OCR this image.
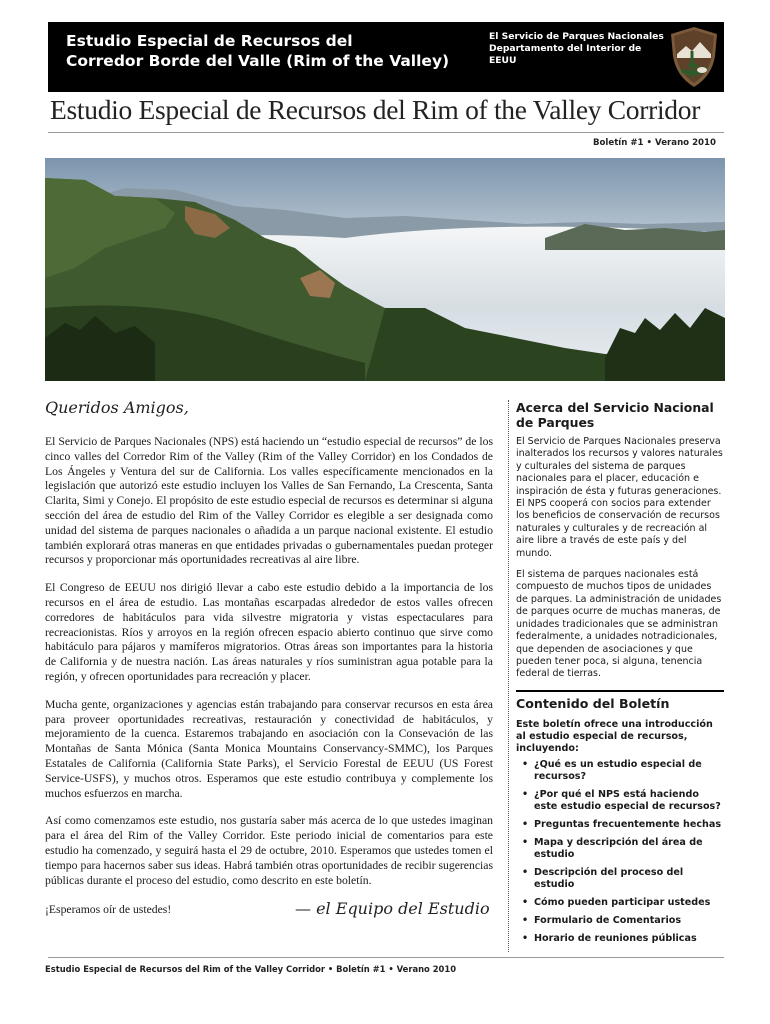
Estudio Especial de Recursos del
Corredor Borde del Valle (Rim of the Valley)
El Servicio de Parques Nacionales
Departamento del Interior de EEUU
Estudio Especial de Recursos del Rim of the Valley Corridor
Boletín #1 • Verano 2010
Queridos Amigos,

El Servicio de Parques Nacionales (NPS) está haciendo un “estudio especial de recursos” de los cinco valles del Corredor Rim of the Valley (Rim of the Valley Corridor) en los Condados de Los Ángeles y Ventura del sur de California. Los valles específicamente mencionados en la legislación que autorizó este estudio incluyen los Valles de San Fernando, La Crescenta, Santa Clarita, Simi y Conejo. El propósito de este estudio especial de recursos es determinar si alguna sección del área de estudio del Rim of the Valley Corridor es elegible a ser designada como unidad del sistema de parques nacionales o añadida a un parque nacional existente. El estudio también explorará otras maneras en que entidades privadas o gubernamentales puedan proteger recursos y proporcionar más oportunidades recreativas al aire libre.

El Congreso de EEUU nos dirigió llevar a cabo este estudio debido a la importancia de los recursos en el área de estudio. Las montañas escarpadas alrededor de estos valles ofrecen corredores de habitáculos para vida silvestre migratoria y vistas espectaculares para recreacionistas. Ríos y arroyos en la región ofrecen espacio abierto continuo que sirve como habitáculo para pájaros y mamíferos migratorios. Otras áreas son importantes para la historia de California y de nuestra nación. Las áreas naturales y ríos suministran agua potable para la región, y ofrecen oportunidades para recreación y placer.

Mucha gente, organizaciones y agencias están trabajando para conservar recursos en esta área para proveer oportunidades recreativas, restauración y conectividad de habitáculos, y mejoramiento de la cuenca. Estaremos trabajando en asociación con la Consevación de las Montañas de Santa Mónica (Santa Monica Mountains Conservancy-SMMC), los Parques Estatales de California (California State Parks), el Servicio Forestal de EEUU (US Forest Service-USFS), y muchos otros. Esperamos que este estudio contribuya y complemente los muchos esfuerzos en marcha.

Así como comenzamos este estudio, nos gustaría saber más acerca de lo que ustedes imaginan para el área del Rim of the Valley Corridor. Este periodo inicial de comentarios para este estudio ha comenzado, y seguirá hasta el 29 de octubre, 2010. Esperamos que ustedes tomen el tiempo para hacernos saber sus ideas. Habrá también otras oportunidades de recibir sugerencias públicas durante el proceso del estudio, como descrito en este boletín.

¡Esperamos oír de ustedes!	— el Equipo del Estudio
Acerca del Servicio Nacional de Parques

El Servicio de Parques Nacionales preserva inalterados los recursos y valores naturales y culturales del sistema de parques nacionales para el placer, educación e inspiración de ésta y futuras generaciones. El NPS cooperá con socios para extender los beneficios de conservación de recursos naturales y culturales y de recreación al aire libre a través de este país y del mundo.

El sistema de parques nacionales está compuesto de muchos tipos de unidades de parques. La administración de unidades de parques ocurre de muchas maneras, de unidades tradicionales que se administran federalmente, a unidades notradicionales, que dependen de asociaciones y que pueden tener poca, si alguna, tenencia federal de tierras.

Contenido del Boletín
Este boletín ofrece una introducción al estudio especial de recursos, incluyendo:
• ¿Qué es un estudio especial de recursos?
• ¿Por qué el NPS está haciendo este estudio especial de recursos?
• Preguntas frecuentemente hechas
• Mapa y descripción del área de estudio
• Descripción del proceso del estudio
• Cómo pueden participar ustedes
• Formulario de Comentarios
• Horario de reuniones públicas
Estudio Especial de Recursos del Rim of the Valley Corridor • Boletín #1 • Verano 2010
